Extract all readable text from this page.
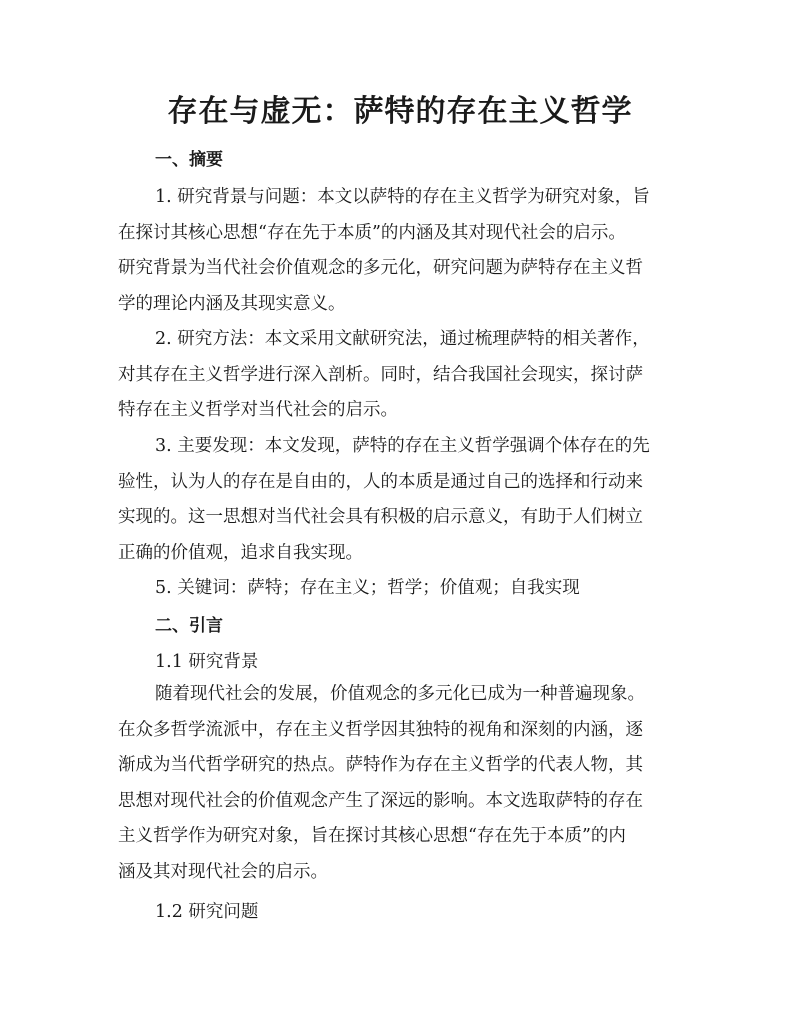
存在与虚无：萨特的存在主义哲学
一、摘要
1. 研究背景与问题：本文以萨特的存在主义哲学为研究对象，旨
在探讨其核心思想“存在先于本质”的内涵及其对现代社会的启示。
研究背景为当代社会价值观念的多元化，研究问题为萨特存在主义哲
学的理论内涵及其现实意义。
2. 研究方法：本文采用文献研究法，通过梳理萨特的相关著作，
对其存在主义哲学进行深入剖析。同时，结合我国社会现实，探讨萨
特存在主义哲学对当代社会的启示。
3. 主要发现：本文发现，萨特的存在主义哲学强调个体存在的先
验性，认为人的存在是自由的，人的本质是通过自己的选择和行动来
实现的。这一思想对当代社会具有积极的启示意义，有助于人们树立
正确的价值观，追求自我实现。
5. 关键词：萨特；存在主义；哲学；价值观；自我实现
二、引言

1.1 研究背景

随着现代社会的发展，价值观念的多元化已成为一种普遍现象。
在众多哲学流派中，存在主义哲学因其独特的视角和深刻的内涵，逐
渐成为当代哲学研究的热点。萨特作为存在主义哲学的代表人物，其
思想对现代社会的价值观念产生了深远的影响。本文选取萨特的存在
主义哲学作为研究对象，旨在探讨其核心思想“存在先于本质”的内
涵及其对现代社会的启示。

1.2 研究问题
